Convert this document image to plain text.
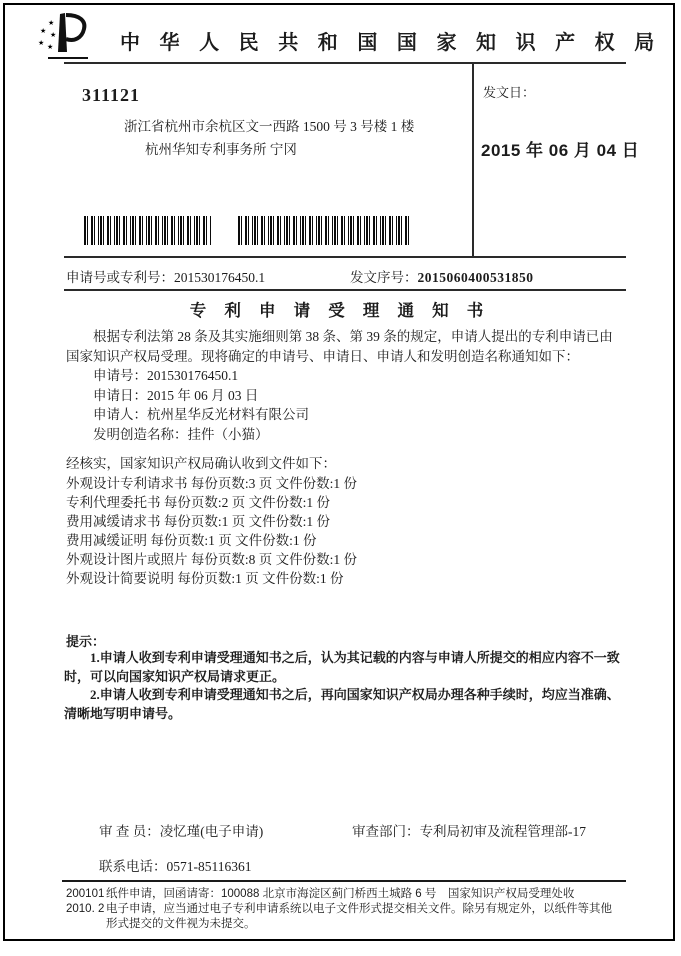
★
★ ★
★ ★	中 华 人 民 共 和 国 国 家 知 识 产 权 局
311121
浙江省杭州市余杭区文一西路 1500 号 3 号楼 1 楼
杭州华知专利事务所 宁冈
发文日：
2015 年 06 月 04 日
申请号或专利号：201530176450.1	发文序号：2015060400531850
专 利 申 请 受 理 通 知 书
根据专利法第 28 条及其实施细则第 38 条、第 39 条的规定，申请人提出的专利申请已由国家知识产权局受理。现将确定的申请号、申请日、申请人和发明创造名称通知如下：
申请号：201530176450.1
申请日：2015 年 06 月 03 日
申请人：杭州星华反光材料有限公司
发明创造名称：挂件（小猫）
经核实，国家知识产权局确认收到文件如下：
外观设计专利请求书 每份页数:3 页 文件份数:1 份
专利代理委托书 每份页数:2 页 文件份数:1 份
费用减缓请求书 每份页数:1 页 文件份数:1 份
费用减缓证明 每份页数:1 页 文件份数:1 份
外观设计图片或照片 每份页数:8 页 文件份数:1 份
外观设计简要说明 每份页数:1 页 文件份数:1 份
提示：
1.申请人收到专利申请受理通知书之后，认为其记载的内容与申请人所提交的相应内容不一致时，可以向国家知识产权局请求更正。
2.申请人收到专利申请受理通知书之后，再向国家知识产权局办理各种手续时，均应当准确、清晰地写明申请号。
审 查 员：凌忆瑾(电子申请)	审查部门：专利局初审及流程管理部-17
联系电话：0571-85116361
200101 纸件申请，回函请寄：100088 北京市海淀区蓟门桥西土城路 6 号　国家知识产权局受理处收
2010. 2 电子申请，应当通过电子专利申请系统以电子文件形式提交相关文件。除另有规定外，以纸件等其他形式提交的文件视为未提交。
